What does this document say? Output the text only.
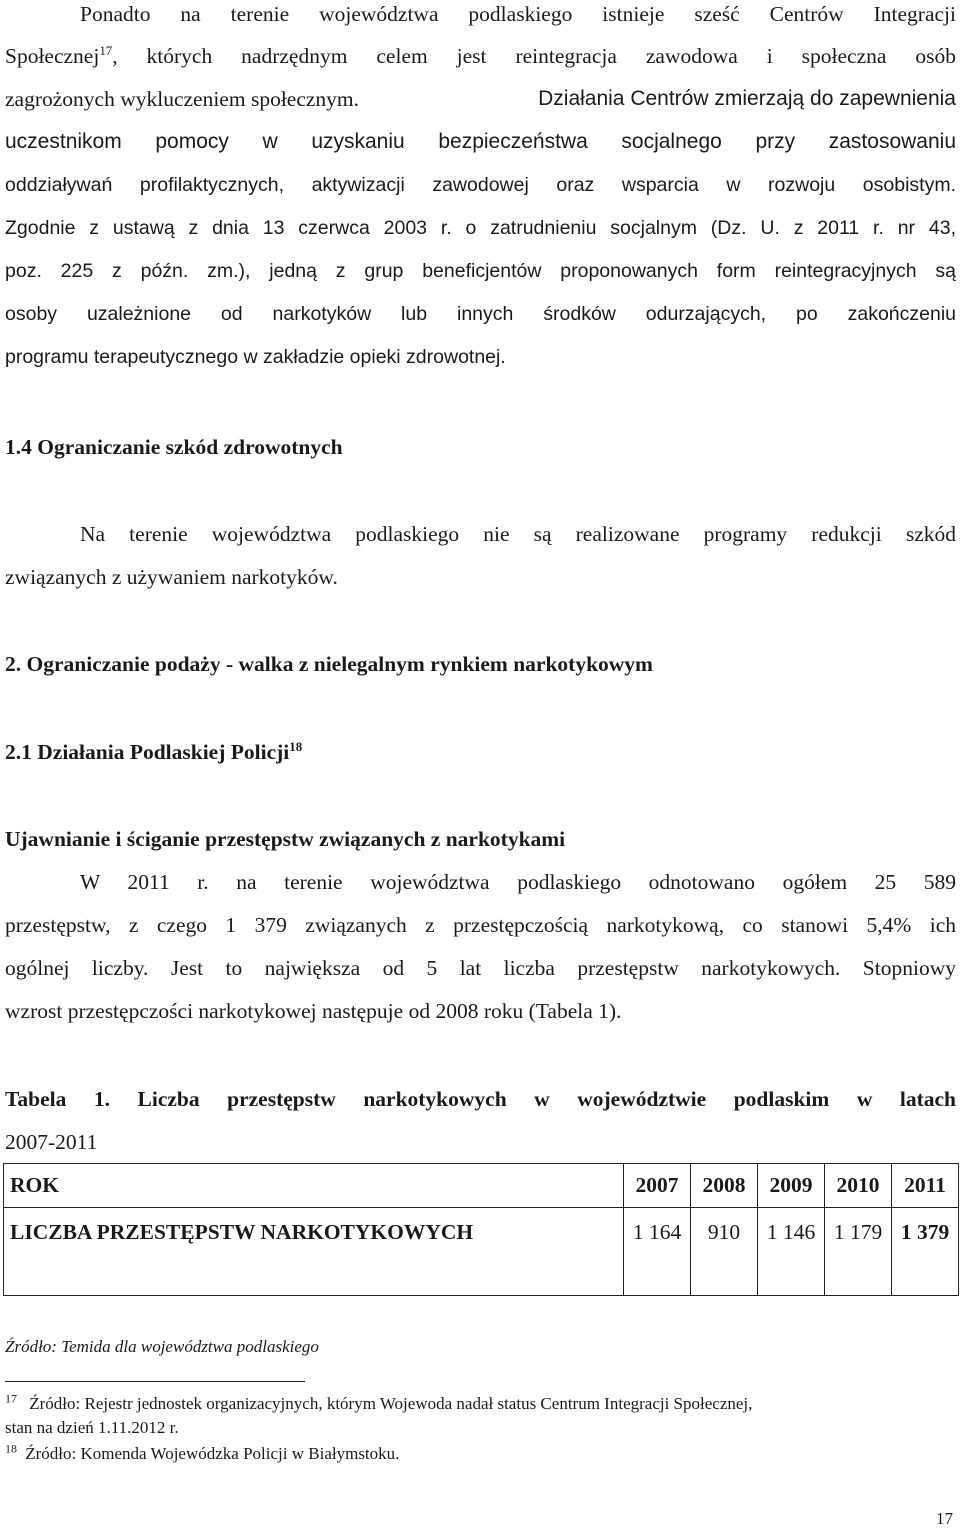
Ponadto na terenie województwa podlaskiego istnieje sześć Centrów Integracji
Społecznej$^{17}$, których nadrzędnym celem jest reintegracja zawodowa i społeczna osób
zagrożonych wykluczeniem społecznym.	Działania Centrów zmierzają do zapewnienia
uczestnikom pomocy w uzyskaniu bezpieczeństwa socjalnego przy zastosowaniu
oddziaływań profilaktycznych, aktywizacji zawodowej oraz wsparcia w rozwoju osobistym.
Zgodnie z ustawą z dnia 13 czerwca 2003 r. o zatrudnieniu socjalnym (Dz. U. z 2011 r. nr 43,
poz. 225 z późn. zm.), jedną z grup beneficjentów proponowanych form reintegracyjnych są
osoby uzależnione od narkotyków lub innych środków odurzających, po zakończeniu
programu terapeutycznego w zakładzie opieki zdrowotnej.
1.4 Ograniczanie szkód zdrowotnych
Na terenie województwa podlaskiego nie są realizowane programy redukcji szkód
związanych z używaniem narkotyków.
2. Ograniczanie podaży - walka z nielegalnym rynkiem narkotykowym
2.1 Działania Podlaskiej Policji$^{18}$
Ujawnianie i ściganie przestępstw związanych z narkotykami
W 2011 r. na terenie województwa podlaskiego odnotowano ogółem 25 589
przestępstw, z czego 1 379 związanych z przestępczością narkotykową, co stanowi 5,4% ich
ogólnej liczby. Jest to największa od 5 lat liczba przestępstw narkotykowych. Stopniowy
wzrost przestępczości narkotykowej następuje od 2008 roku (Tabela 1).
Tabela 1. Liczba przestępstw narkotykowych w województwie podlaskim w latach
2007-2011
ROK	2007	2008	2009	2010	2011
LICZBA PRZESTĘPSTW NARKOTYKOWYCH	1 164	910	1 146	1 179	1 379
Źródło: Temida dla województwa podlaskiego
$^{17}$ Źródło: Rejestr jednostek organizacyjnych, którym Wojewoda nadał status Centrum Integracji Społecznej,
stan na dzień 1.11.2012 r.
$^{18}$ Źródło: Komenda Wojewódzka Policji w Białymstoku.
17
